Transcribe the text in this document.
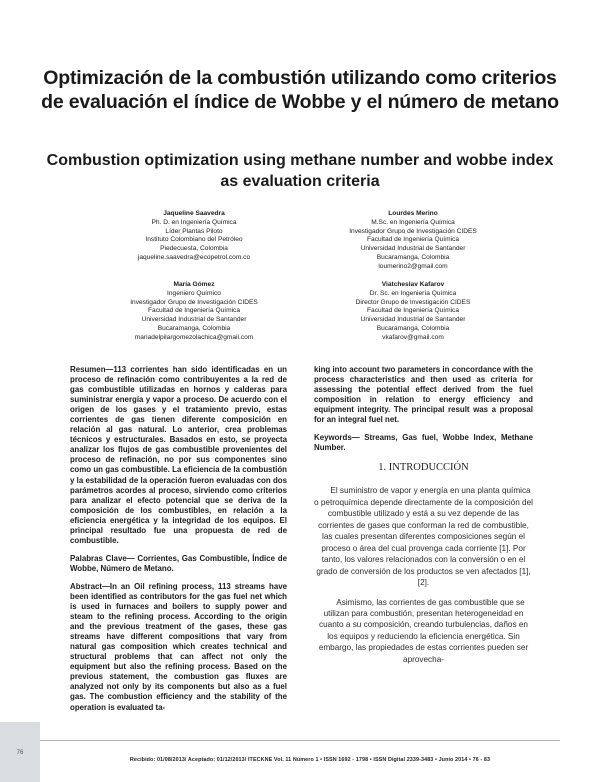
Optimización de la combustión utilizando como criterios de evaluación el índice de Wobbe y el número de metano
Combustion optimization using methane number and wobbe index as evaluation criteria
Jaqueline Saavedra
Ph. D. en Ingeniería Química
Líder Plantas Piloto
Instituto Colombiano del Petróleo
Piedecuesta, Colombia
jaqueline.saavedra@ecopetrol.com.co
Lourdes Merino
M.Sc. en Ingeniería Química
Investigador Grupo de Investigación CIDES
Facultad de Ingeniería Química
Universidad Industrial de Santander
Bucaramanga, Colombia
loumerino2@gmail.com
María Gómez
Ingeniero Químico
Investigador Grupo de Investigación CIDES
Facultad de Ingeniería Química
Universidad Industrial de Santander
Bucaramanga, Colombia
mariadelpilargomezolachica@gmail.com
Viatcheslav Kafarov
Dr. Sc. en Ingeniería Química
Director Grupo de Investigación CIDES
Facultad de Ingeniería Química
Universidad Industrial de Santander
Bucaramanga, Colombia
vkafarov@gmail.com

Resumen—113 corrientes han sido identificadas en un proceso de refinación como contribuyentes a la red de gas combustible utilizadas en hornos y calderas para suministrar energía y vapor a proceso. De acuerdo con el origen de los gases y el tratamiento previo, estas corrientes de gas tienen diferente composición en relación al gas natural. Lo anterior, crea problemas técnicos y estructurales. Basados en esto, se proyecta analizar los flujos de gas combustible provenientes del proceso de refinación, no por sus componentes sino como un gas combustible. La eficiencia de la combustión y la estabilidad de la operación fueron evaluadas con dos parámetros acordes al proceso, sirviendo como criterios para analizar el efecto potencial que se deriva de la composición de los combustibles, en relación a la eficiencia energética y la integridad de los equipos. El principal resultado fue una propuesta de red de combustible.

Palabras Clave— Corrientes, Gas Combustible, Índice de Wobbe, Número de Metano.

Abstract—In an Oil refining process, 113 streams have been identified as contributors for the gas fuel net which is used in furnaces and boilers to supply power and steam to the refining process. According to the origin and the previous treatment of the gases, these gas streams have different compositions that vary from natural gas composition which creates technical and structural problems that can affect not only the equipment but also the refining process. Based on the previous statement, the combustion gas fluxes are analyzed not only by its components but also as a fuel gas. The combustion efficiency and the stability of the operation is evaluated ta-

king into account two parameters in concordance with the process characteristics and then used as criteria for assessing the potential effect derived from the fuel composition in relation to energy efficiency and equipment integrity. The principal result was a proposal for an integral fuel net.

Keywords— Streams, Gas fuel, Wobbe Index, Methane Number.

1. INTRODUCCIÓN

El suministro de vapor y energía en una planta química o petroquímica depende directamente de la composición del combustible utilizado y está a su vez depende de las corrientes de gases que conforman la red de combustible, las cuales presentan diferentes composiciones según el proceso o área del cual provenga cada corriente [1]. Por tanto, los valores relacionados con la conversión o en el grado de conversión de los productos se ven afectados [1], [2].

Asimismo, las corrientes de gas combustible que se utilizan para combustión, presentan heterogeneidad en cuanto a su composición, creando turbulencias, daños en los equipos y reduciendo la eficiencia energética. Sin embargo, las propiedades de estas corrientes pueden ser aprovecha-

Recibido: 01/08/2013/ Aceptado: 01/12/2013/ ITECKNE Vol. 11 Número 1 • ISSN 1692 - 1798 • ISSN Digital 2339-3483 • Junio 2014 • 76 - 83
76
